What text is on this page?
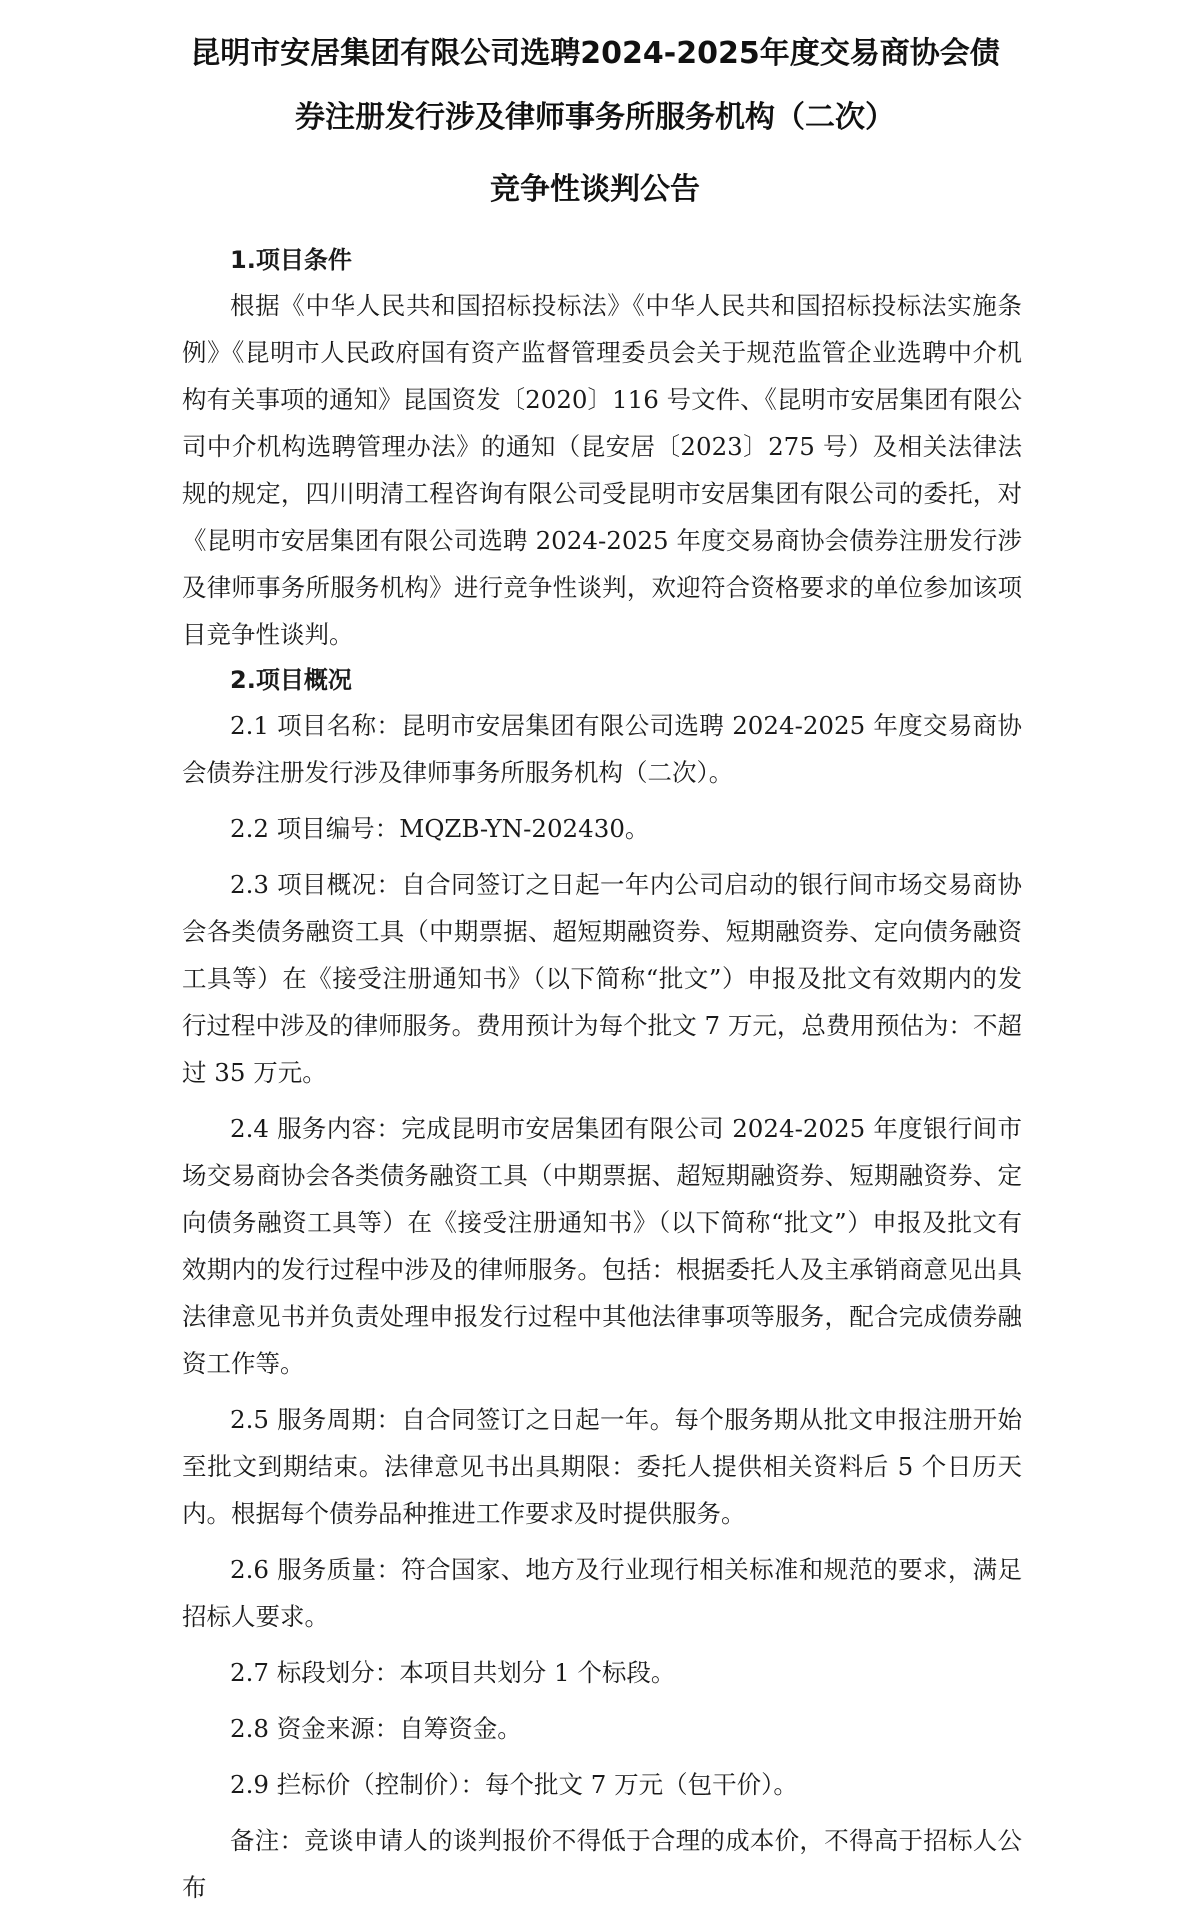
昆明市安居集团有限公司选聘2024-2025年度交易商协会债
券注册发行涉及律师事务所服务机构（二次）
竞争性谈判公告
1.项目条件

根据《中华人民共和国招标投标法》《中华人民共和国招标投标法实施条例》《昆明市人民政府国有资产监督管理委员会关于规范监管企业选聘中介机构有关事项的通知》昆国资发〔2020〕116 号文件、《昆明市安居集团有限公司中介机构选聘管理办法》的通知（昆安居〔2023〕275 号）及相关法律法规的规定，四川明清工程咨询有限公司受昆明市安居集团有限公司的委托，对《昆明市安居集团有限公司选聘 2024-2025 年度交易商协会债券注册发行涉及律师事务所服务机构》进行竞争性谈判，欢迎符合资格要求的单位参加该项目竞争性谈判。

2.项目概况

2.1 项目名称：昆明市安居集团有限公司选聘 2024-2025 年度交易商协会债券注册发行涉及律师事务所服务机构（二次）。

2.2 项目编号：MQZB-YN-202430。

2.3 项目概况：自合同签订之日起一年内公司启动的银行间市场交易商协会各类债务融资工具（中期票据、超短期融资券、短期融资券、定向债务融资工具等）在《接受注册通知书》（以下简称“批文”）申报及批文有效期内的发行过程中涉及的律师服务。费用预计为每个批文 7 万元，总费用预估为：不超过 35 万元。

2.4 服务内容：完成昆明市安居集团有限公司 2024-2025 年度银行间市场交易商协会各类债务融资工具（中期票据、超短期融资券、短期融资券、定向债务融资工具等）在《接受注册通知书》（以下简称“批文”）申报及批文有效期内的发行过程中涉及的律师服务。包括：根据委托人及主承销商意见出具法律意见书并负责处理申报发行过程中其他法律事项等服务，配合完成债券融资工作等。

2.5 服务周期：自合同签订之日起一年。每个服务期从批文申报注册开始至批文到期结束。法律意见书出具期限：委托人提供相关资料后 5 个日历天内。根据每个债券品种推进工作要求及时提供服务。

2.6 服务质量：符合国家、地方及行业现行相关标准和规范的要求，满足招标人要求。

2.7 标段划分：本项目共划分 1 个标段。

2.8 资金来源：自筹资金。

2.9 拦标价（控制价）：每个批文 7 万元（包干价）。

备注：竞谈申请人的谈判报价不得低于合理的成本价，不得高于招标人公布
